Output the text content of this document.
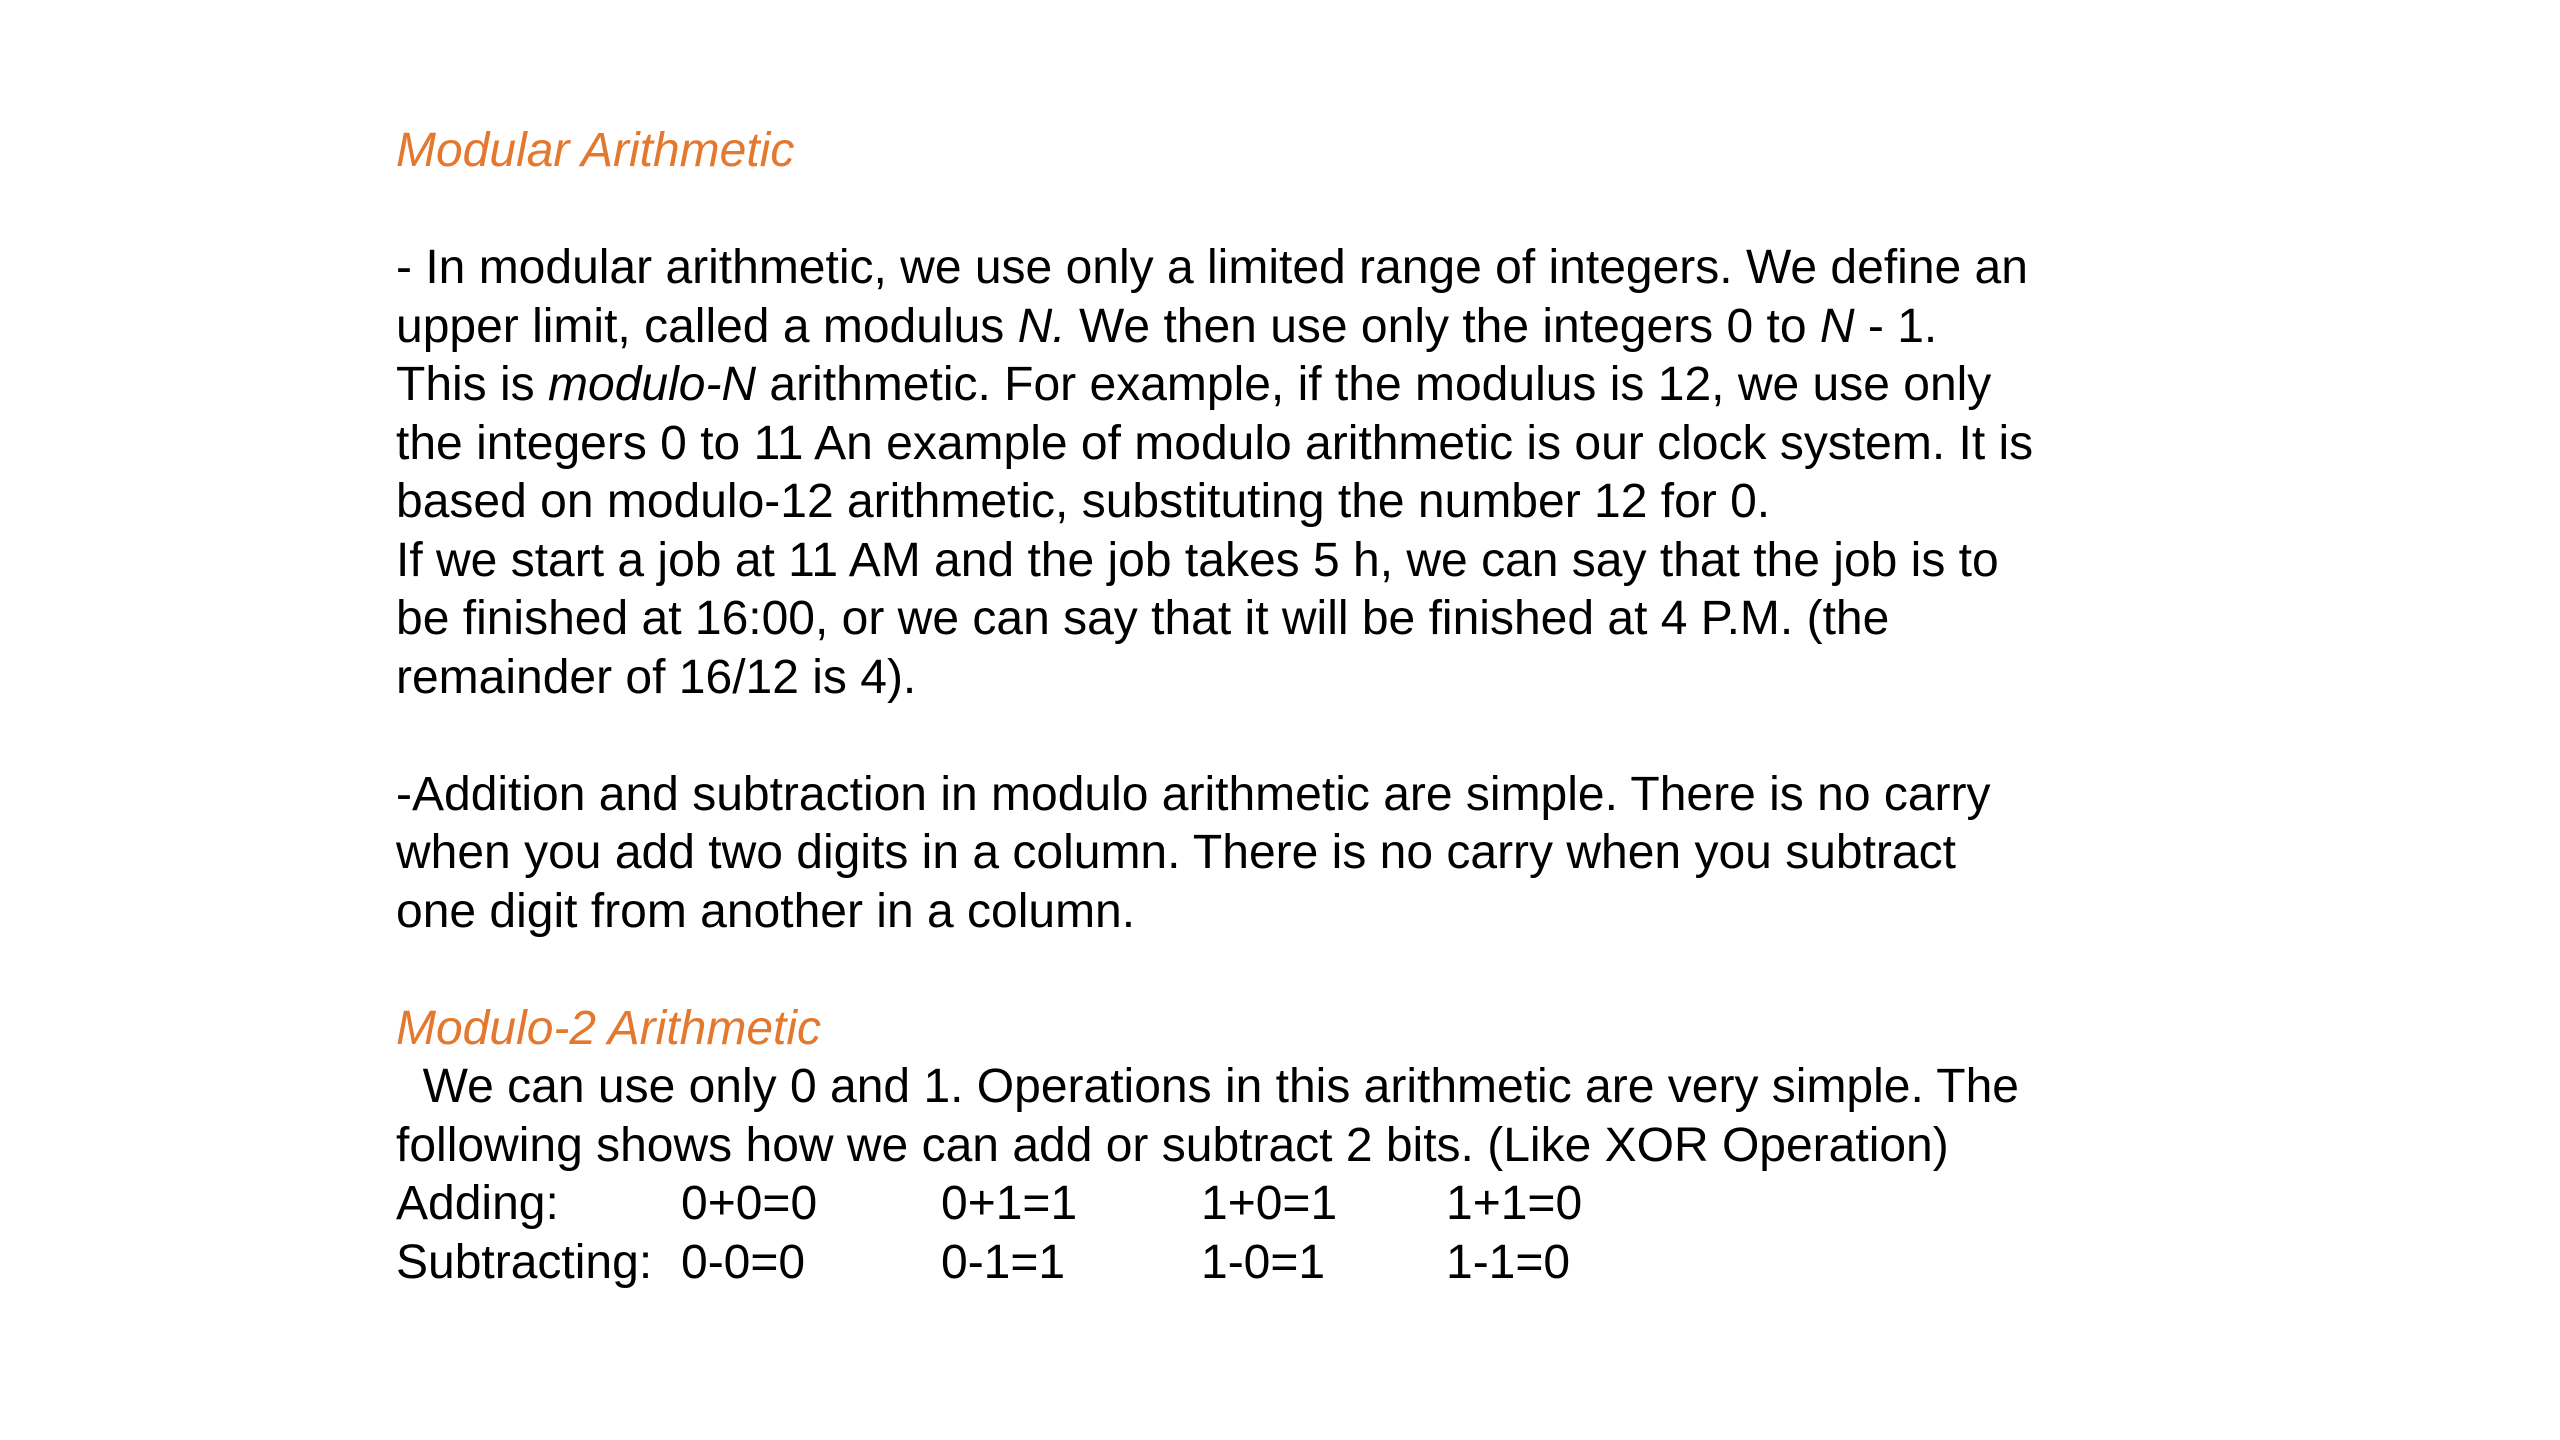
Modular Arithmetic

- In modular arithmetic, we use only a limited range of integers. We define an

upper limit, called a modulus N. We then use only the integers 0 to N - 1.

This is modulo-N arithmetic. For example, if the modulus is 12, we use only

the integers 0 to 11 An example of modulo arithmetic is our clock system. It is

based on modulo-12 arithmetic, substituting the number 12 for 0.

If we start a job at 11 AM and the job takes 5 h, we can say that the job is to

be finished at 16:00, or we can say that it will be finished at 4 P.M. (the

remainder of 16/12 is 4).

-Addition and subtraction in modulo arithmetic are simple. There is no carry

when you add two digits in a column. There is no carry when you subtract

one digit from another in a column.

Modulo-2 Arithmetic

We can use only 0 and 1. Operations in this arithmetic are very simple. The

following shows how we can add or subtract 2 bits. (Like XOR Operation)

Adding:	0+0=0	0+1=1	1+0=1 1+1=0
Subtracting: 0-0=0	0-1=1	1-0=1	1-1=0
